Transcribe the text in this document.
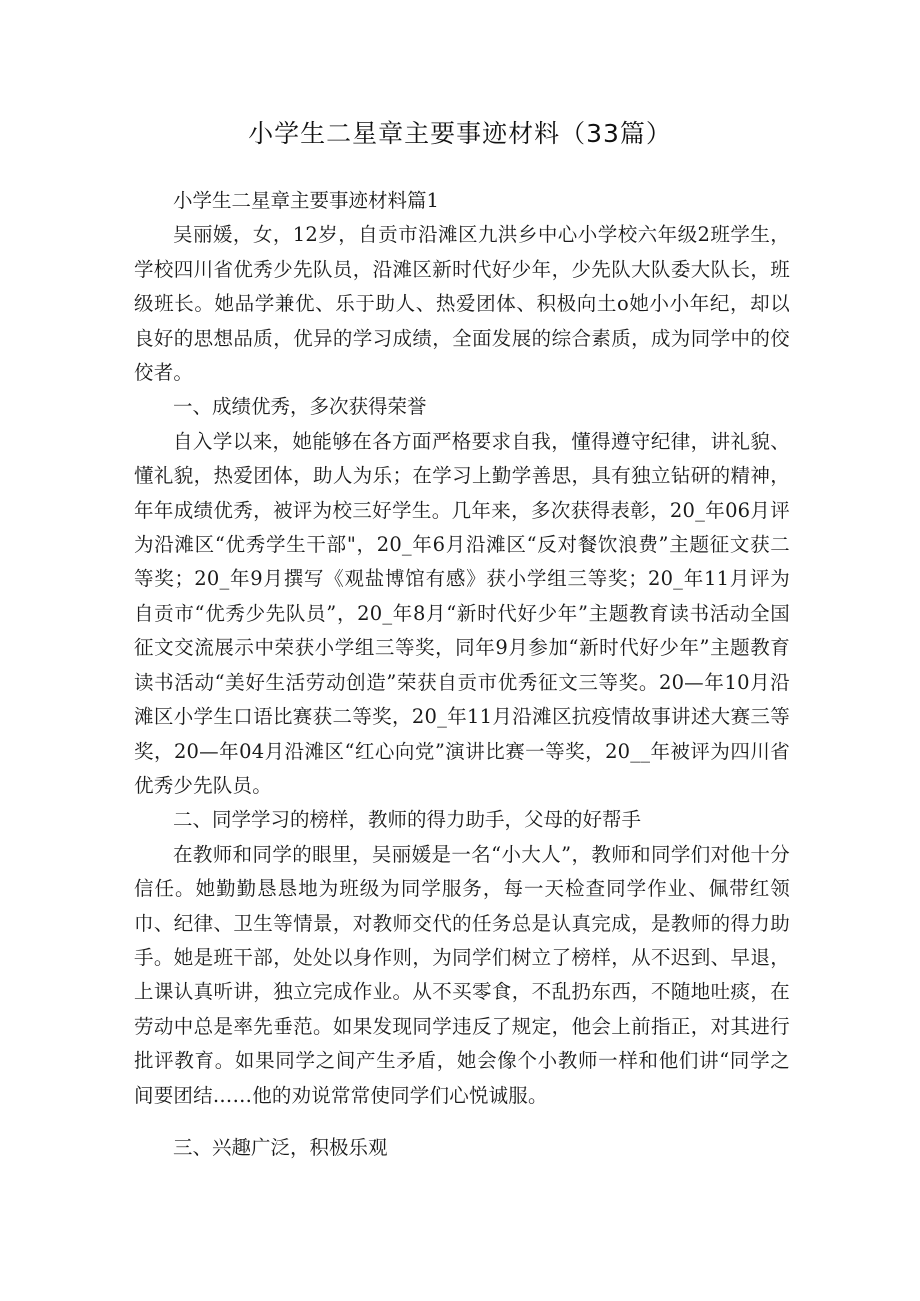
小学生二星章主要事迹材料（33篇）

小学生二星章主要事迹材料篇1

吴丽媛，女，12岁，自贡市沿滩区九洪乡中心小学校六年级2班学生，学校四川省优秀少先队员，沿滩区新时代好少年，少先队大队委大队长，班级班长。她品学兼优、乐于助人、热爱团体、积极向土o她小小年纪，却以良好的思想品质，优异的学习成绩，全面发展的综合素质，成为同学中的佼佼者。

一、成绩优秀，多次获得荣誉

自入学以来，她能够在各方面严格要求自我，懂得遵守纪律，讲礼貌、懂礼貌，热爱团体，助人为乐；在学习上勤学善思，具有独立钻研的精神，年年成绩优秀，被评为校三好学生。几年来，多次获得表彰，20_年06月评为沿滩区“优秀学生干部"，20_年6月沿滩区“反对餐饮浪费”主题征文获二等奖；20_年9月撰写《观盐博馆有感》获小学组三等奖；20_年11月评为自贡市“优秀少先队员”，20_年8月“新时代好少年”主题教育读书活动全国征文交流展示中荣获小学组三等奖，同年9月参加“新时代好少年”主题教育读书活动“美好生活劳动创造”荣获自贡市优秀征文三等奖。20—年10月沿滩区小学生口语比赛获二等奖，20_年11月沿滩区抗疫情故事讲述大赛三等奖，20—年04月沿滩区“红心向党”演讲比赛一等奖，20__年被评为四川省优秀少先队员。

二、同学学习的榜样，教师的得力助手，父母的好帮手

在教师和同学的眼里，吴丽媛是一名“小大人”，教师和同学们对他十分信任。她勤勤恳恳地为班级为同学服务，每一天检查同学作业、佩带红领巾、纪律、卫生等情景，对教师交代的任务总是认真完成，是教师的得力助手。她是班干部，处处以身作则，为同学们树立了榜样，从不迟到、早退，上课认真听讲，独立完成作业。从不买零食，不乱扔东西，不随地吐痰，在劳动中总是率先垂范。如果发现同学违反了规定，他会上前指正，对其进行批评教育。如果同学之间产生矛盾，她会像个小教师一样和他们讲“同学之间要团结……他的劝说常常使同学们心悦诚服。

三、兴趣广泛，积极乐观
